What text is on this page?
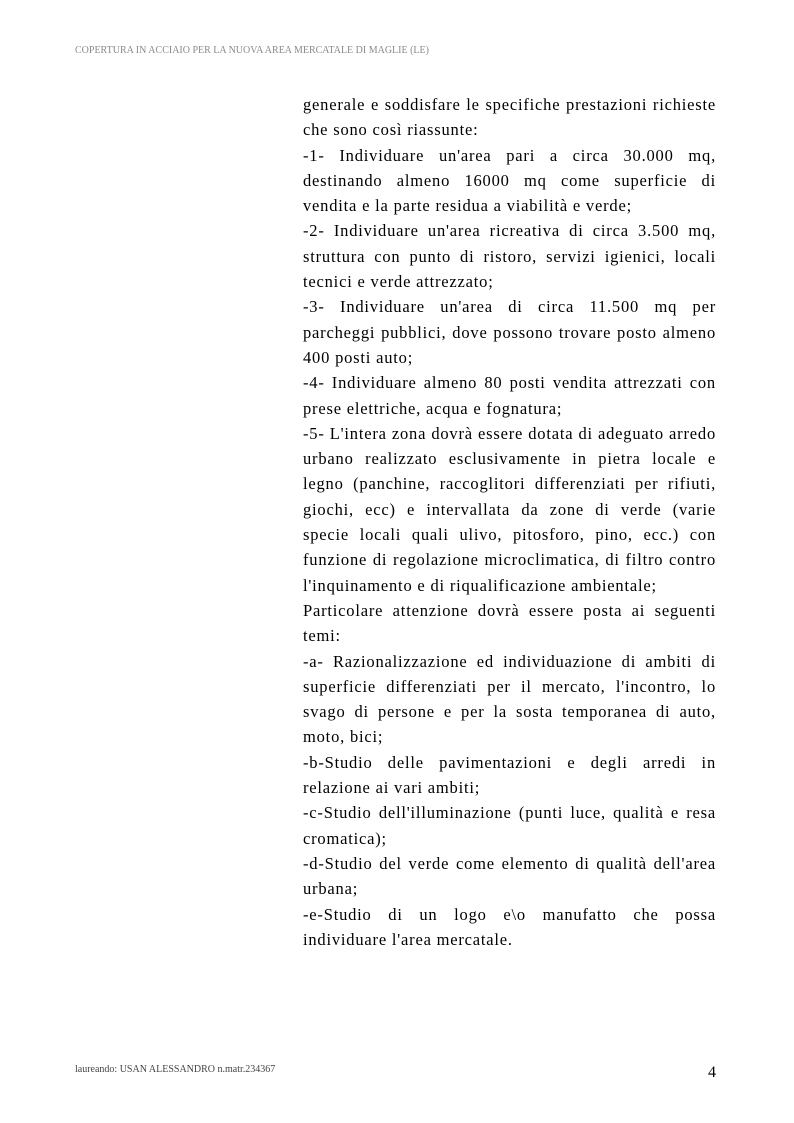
COPERTURA IN ACCIAIO PER LA NUOVA AREA MERCATALE DI MAGLIE (LE)

generale e soddisfare le specifiche prestazioni richieste che sono così riassunte:

-1- Individuare un'area pari a circa 30.000 mq, destinando almeno 16000 mq come superficie di vendita e la parte residua a viabilità e verde;

-2- Individuare un'area ricreativa di circa 3.500 mq, struttura con punto di ristoro, servizi igienici, locali tecnici e verde attrezzato;

-3- Individuare un'area di circa 11.500 mq per parcheggi pubblici, dove possono trovare posto almeno 400 posti auto;

-4- Individuare almeno 80 posti vendita attrezzati con prese elettriche, acqua e fognatura;

-5- L'intera zona dovrà essere dotata di adeguato arredo urbano realizzato esclusivamente in pietra locale e legno (panchine, raccoglitori differenziati per rifiuti, giochi, ecc) e intervallata da zone di verde (varie specie locali quali ulivo, pitosforo, pino, ecc.) con funzione di regolazione microclimatica, di filtro contro l'inquinamento e di riqualificazione ambientale;

Particolare attenzione dovrà essere posta ai seguenti temi:

-a- Razionalizzazione ed individuazione di ambiti di superficie differenziati per il mercato, l'incontro, lo svago di persone e per la sosta temporanea di auto, moto, bici;

-b-Studio delle pavimentazioni e degli arredi in relazione ai vari ambiti;

-c-Studio dell'illuminazione (punti luce, qualità e resa cromatica);

-d-Studio del verde come elemento di qualità dell'area urbana;

-e-Studio di un logo e\o manufatto che possa individuare l'area mercatale.

laureando: USAN ALESSANDRO n.matr.234367	4
